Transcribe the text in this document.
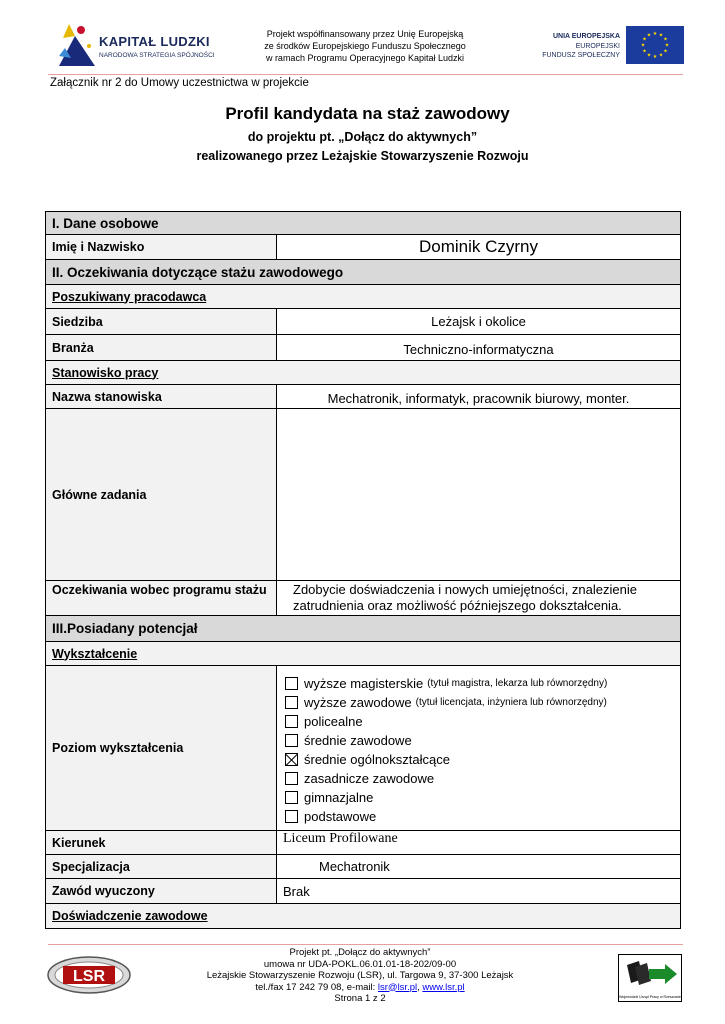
KAPITAŁ LUDZKI
NARODOWA STRATEGIA SPÓJNOŚCI
Projekt współfinansowany przez Unię Europejską
ze środków Europejskiego Funduszu Społecznego
w ramach Programu Operacyjnego Kapitał Ludzki
UNIA EUROPEJSKA
EUROPEJSKI
FUNDUSZ SPOŁECZNY
★ ★
★
★
★
★
★
★
★
★
★
★
Załącznik nr 2 do Umowy uczestnictwa w projekcie
Profil kandydata na staż zawodowy
do projektu pt. „Dołącz do aktywnych”
realizowanego przez Leżajskie Stowarzyszenie Rozwoju
I. Dane osobowe
Imię i Nazwisko	Dominik Czyrny
II. Oczekiwania dotyczące stażu zawodowego
Poszukiwany pracodawca
Siedziba	Leżajsk i okolice
Branża	Techniczno-informatyczna
Stanowisko pracy
Nazwa stanowiska	Mechatronik, informatyk, pracownik biurowy, monter.
Główne zadania
Oczekiwania wobec programu stażu	Zdobycie doświadczenia i nowych umiejętności, znalezienie zatrudnienia oraz możliwość późniejszego dokształcenia.
III.Posiadany potencjał
Wykształcenie
Poziom wykształcenia
wyższe magisterskie (tytuł magistra, lekarza lub równorzędny)
wyższe zawodowe (tytuł licencjata, inżyniera lub równorzędny)
policealne
średnie zawodowe
średnie ogólnokształcące
zasadnicze zawodowe
gimnazjalne
podstawowe
Kierunek	Liceum Profilowane
Specjalizacja	Mechatronik
Zawód wyuczony	Brak
Doświadczenie zawodowe
LSR
Projekt pt. „Dołącz do aktywnych”
umowa nr UDA-POKL.06.01.01-18-202/09-00
Leżajskie Stowarzyszenie Rozwoju (LSR), ul. Targowa 9, 37-300 Leżajsk
tel./fax 17 242 79 08, e-mail: lsr@lsr.pl, www.lsr.pl
Strona 1 z 2	Wojewódzki Urząd Pracy w Rzeszowie
